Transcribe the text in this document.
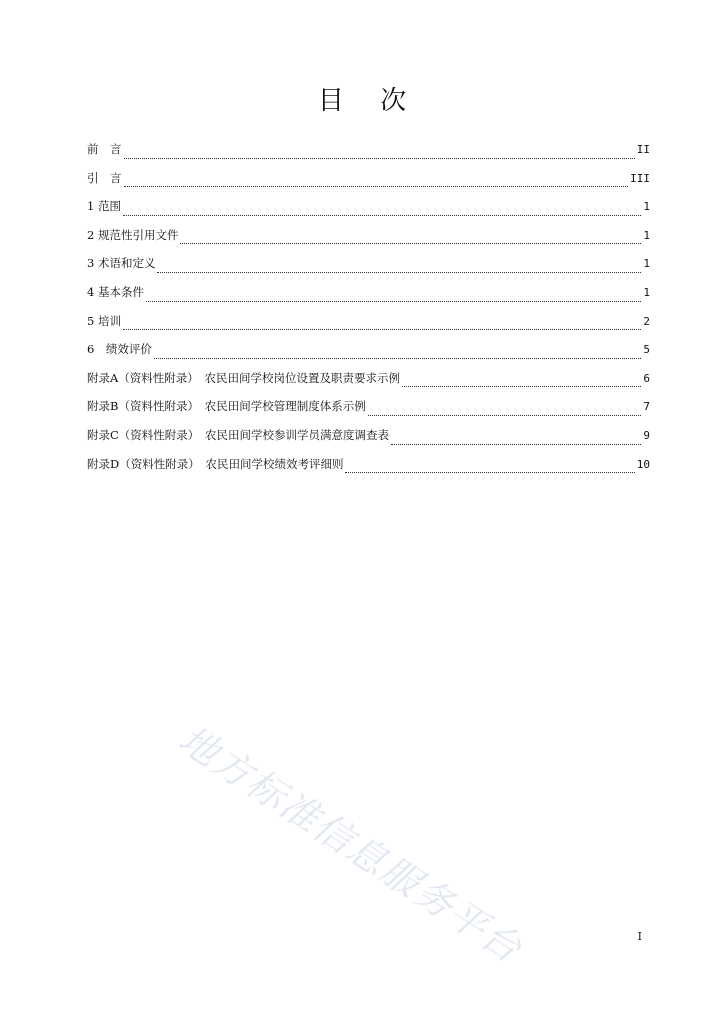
目 次
前　言	II
引　言	III
1 范围	1
2 规范性引用文件	1
3 术语和定义	1
4 基本条件	1
5 培训	2
6　绩效评价	5
附录A（资料性附录）　农民田间学校岗位设置及职责要求示例	6
附录B（资料性附录）　农民田间学校管理制度体系示例	7
附录C（资料性附录）　农民田间学校参训学员满意度调查表	9
附录D（资料性附录）　农民田间学校绩效考评细则	10
地方标准信息服务平台	I
